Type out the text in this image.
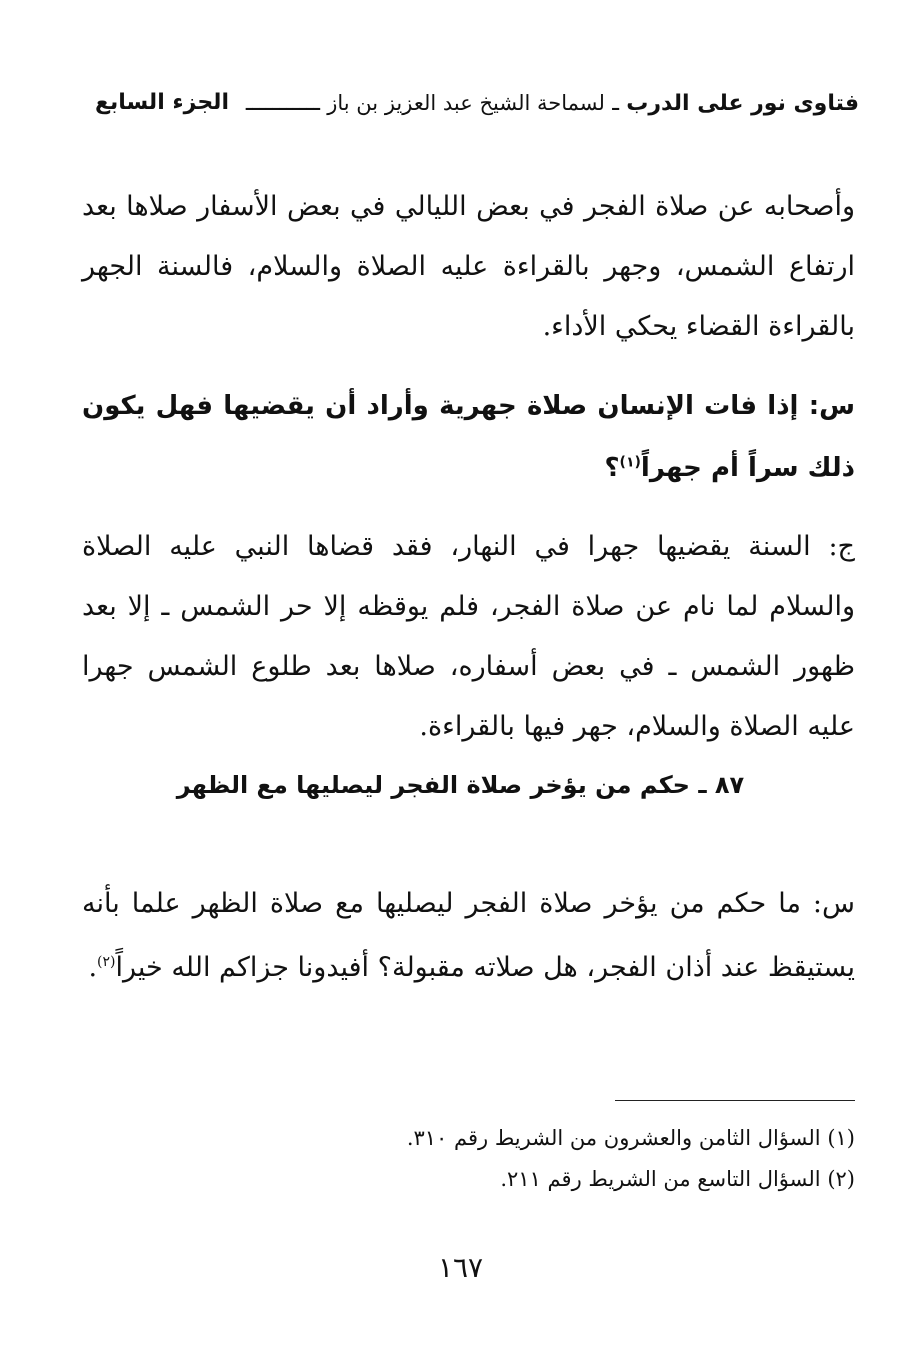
فتاوى نور على الدرب ـ لسماحة الشيخ عبد العزيز بن باز ـــــــــــ
الجزء السابع

وأصحابه عن صلاة الفجر في بعض الليالي في بعض الأسفار صلاها بعد ارتفاع الشمس، وجهر بالقراءة عليه الصلاة والسلام، فالسنة الجهر بالقراءة القضاء يحكي الأداء.

س: إذا فات الإنسان صلاة جهرية وأراد أن يقضيها فهل يكون ذلك سراً أم جهراً$^{(١)}$؟

ج: السنة يقضيها جهرا في النهار، فقد قضاها النبي عليه الصلاة والسلام لما نام عن صلاة الفجر، فلم يوقظه إلا حر الشمس ـ إلا بعد ظهور الشمس ـ في بعض أسفاره، صلاها بعد طلوع الشمس جهرا عليه الصلاة والسلام، جهر فيها بالقراءة.

٨٧ ـ حكم من يؤخر صلاة الفجر ليصليها مع الظهر

س: ما حكم من يؤخر صلاة الفجر ليصليها مع صلاة الظهر علما بأنه يستيقظ عند أذان الفجر، هل صلاته مقبولة؟ أفيدونا جزاكم الله خيراً$^{(٢)}$.

(١) السؤال الثامن والعشرون من الشريط رقم ٣١٠.
(٢) السؤال التاسع من الشريط رقم ٢١١.
١٦٧
